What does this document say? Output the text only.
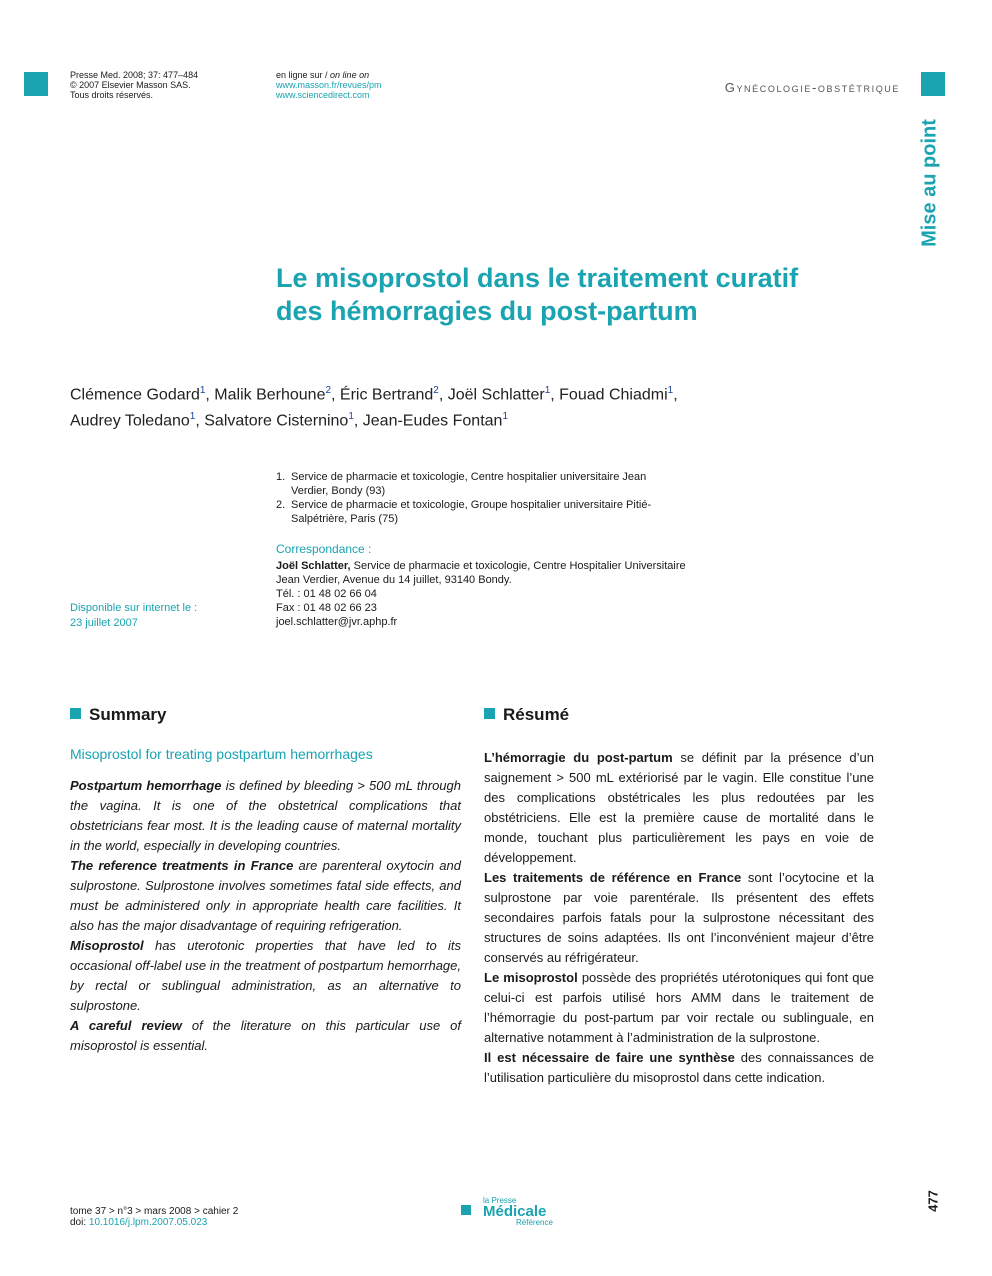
Presse Med. 2008; 37: 477–484
© 2007 Elsevier Masson SAS.
Tous droits réservés.
en ligne sur / on line on
www.masson.fr/revues/pm
www.sciencedirect.com	Gynécologie-obstétrique
Mise au point
Le misoprostol dans le traitement curatif
des hémorragies du post-partum
Clémence Godard$^1$, Malik Berhoune$^2$, Éric Bertrand$^2$, Joël Schlatter$^1$, Fouad Chiadmi$^1$,
Audrey Toledano$^1$, Salvatore Cisternino$^1$, Jean-Eudes Fontan$^1$
1. Service de pharmacie et toxicologie, Centre hospitalier universitaire Jean Verdier, Bondy (93)
2. Service de pharmacie et toxicologie, Groupe hospitalier universitaire Pitié-Salpétrière, Paris (75)
Correspondance :
Joël Schlatter, Service de pharmacie et toxicologie, Centre Hospitalier Universitaire
Jean Verdier, Avenue du 14 juillet, 93140 Bondy.
Tél. : 01 48 02 66 04
Fax : 01 48 02 66 23
joel.schlatter@jvr.aphp.fr
Disponible sur internet le :
23 juillet 2007
Summary
Misoprostol for treating postpartum hemorrhages

Postpartum hemorrhage is defined by bleeding > 500 mL through the vagina. It is one of the obstetrical complications that obstetricians fear most. It is the leading cause of maternal mortality in the world, especially in developing countries.

The reference treatments in France are parenteral oxytocin and sulprostone. Sulprostone involves sometimes fatal side effects, and must be administered only in appropriate health care facilities. It also has the major disadvantage of requiring refrigeration.

Misoprostol has uterotonic properties that have led to its occasional off-label use in the treatment of postpartum hemorrhage, by rectal or sublingual administration, as an alternative to sulprostone.

A careful review of the literature on this particular use of misoprostol is essential.

Résumé

L’hémorragie du post-partum se définit par la présence d’un saignement > 500 mL extériorisé par le vagin. Elle constitue l’une des complications obstétricales les plus redoutées par les obstétriciens. Elle est la première cause de mortalité dans le monde, touchant plus particulièrement les pays en voie de développement.

Les traitements de référence en France sont l’ocytocine et la sulprostone par voie parentérale. Ils présentent des effets secondaires parfois fatals pour la sulprostone nécessitant des structures de soins adaptées. Ils ont l’inconvénient majeur d’être conservés au réfrigérateur.

Le misoprostol possède des propriétés utérotoniques qui font que celui-ci est parfois utilisé hors AMM dans le traitement de l’hémorragie du post-partum par voir rectale ou sublinguale, en alternative notamment à l’administration de la sulprostone.

Il est nécessaire de faire une synthèse des connaissances de l’utilisation particulière du misoprostol dans cette indication.

tome 37 > n°3 > mars 2008 > cahier 2
doi: 10.1016/j.lpm.2007.05.023
la Presse
Médicale
Référence
477
